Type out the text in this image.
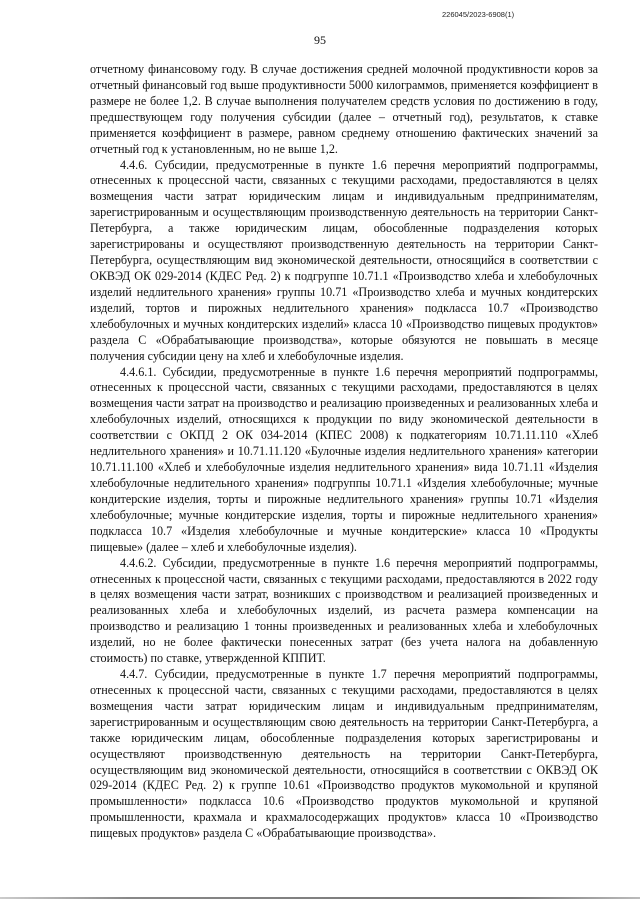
226045/2023-6908(1)
95

отчетному финансовому году. В случае достижения средней молочной продуктивности коров за отчетный финансовый год выше продуктивности 5000 килограммов, применяется коэффициент в размере не более 1,2. В случае выполнения получателем средств условия по достижению в году, предшествующем году получения субсидии (далее – отчетный год), результатов, к ставке применяется коэффициент в размере, равном среднему отношению фактических значений за отчетный год к установленным, но не выше 1,2.

4.4.6. Субсидии, предусмотренные в пункте 1.6 перечня мероприятий подпрограммы, отнесенных к процессной части, связанных с текущими расходами, предоставляются в целях возмещения части затрат юридическим лицам и индивидуальным предпринимателям, зарегистрированным и осуществляющим производственную деятельность на территории Санкт-Петербурга, а также юридическим лицам, обособленные подразделения которых зарегистрированы и осуществляют производственную деятельность на территории Санкт-Петербурга, осуществляющим вид экономической деятельности, относящийся в соответствии с ОКВЭД ОК 029-2014 (КДЕС Ред. 2) к подгруппе 10.71.1 «Производство хлеба и хлебобулочных изделий недлительного хранения» группы 10.71 «Производство хлеба и мучных кондитерских изделий, тортов и пирожных недлительного хранения» подкласса 10.7 «Производство хлебобулочных и мучных кондитерских изделий» класса 10 «Производство пищевых продуктов» раздела С «Обрабатывающие производства», которые обязуются не повышать в месяце получения субсидии цену на хлеб и хлебобулочные изделия.

4.4.6.1. Субсидии, предусмотренные в пункте 1.6 перечня мероприятий подпрограммы, отнесенных к процессной части, связанных с текущими расходами, предоставляются в целях возмещения части затрат на производство и реализацию произведенных и реализованных хлеба и хлебобулочных изделий, относящихся к продукции по виду экономической деятельности в соответствии с ОКПД 2 ОК 034-2014 (КПЕС 2008) к подкатегориям 10.71.11.110 «Хлеб недлительного хранения» и 10.71.11.120 «Булочные изделия недлительного хранения» категории 10.71.11.100 «Хлеб и хлебобулочные изделия недлительного хранения» вида 10.71.11 «Изделия хлебобулочные недлительного хранения» подгруппы 10.71.1 «Изделия хлебобулочные; мучные кондитерские изделия, торты и пирожные недлительного хранения» группы 10.71 «Изделия хлебобулочные; мучные кондитерские изделия, торты и пирожные недлительного хранения» подкласса 10.7 «Изделия хлебобулочные и мучные кондитерские» класса 10 «Продукты пищевые» (далее – хлеб и хлебобулочные изделия).

4.4.6.2. Субсидии, предусмотренные в пункте 1.6 перечня мероприятий подпрограммы, отнесенных к процессной части, связанных с текущими расходами, предоставляются в 2022 году в целях возмещения части затрат, возникших с производством и реализацией произведенных и реализованных хлеба и хлебобулочных изделий, из расчета размера компенсации на производство и реализацию 1 тонны произведенных и реализованных хлеба и хлебобулочных изделий, но не более фактически понесенных затрат (без учета налога на добавленную стоимость) по ставке, утвержденной КППИТ.

4.4.7. Субсидии, предусмотренные в пункте 1.7 перечня мероприятий подпрограммы, отнесенных к процессной части, связанных с текущими расходами, предоставляются в целях возмещения части затрат юридическим лицам и индивидуальным предпринимателям, зарегистрированным и осуществляющим свою деятельность на территории Санкт-Петербурга, а также юридическим лицам, обособленные подразделения которых зарегистрированы и осуществляют производственную деятельность на территории Санкт-Петербурга, осуществляющим вид экономической деятельности, относящийся в соответствии с ОКВЭД ОК 029-2014 (КДЕС Ред. 2) к группе 10.61 «Производство продуктов мукомольной и крупяной промышленности» подкласса 10.6 «Производство продуктов мукомольной и крупяной промышленности, крахмала и крахмалосодержащих продуктов» класса 10 «Производство пищевых продуктов» раздела С «Обрабатывающие производства».
